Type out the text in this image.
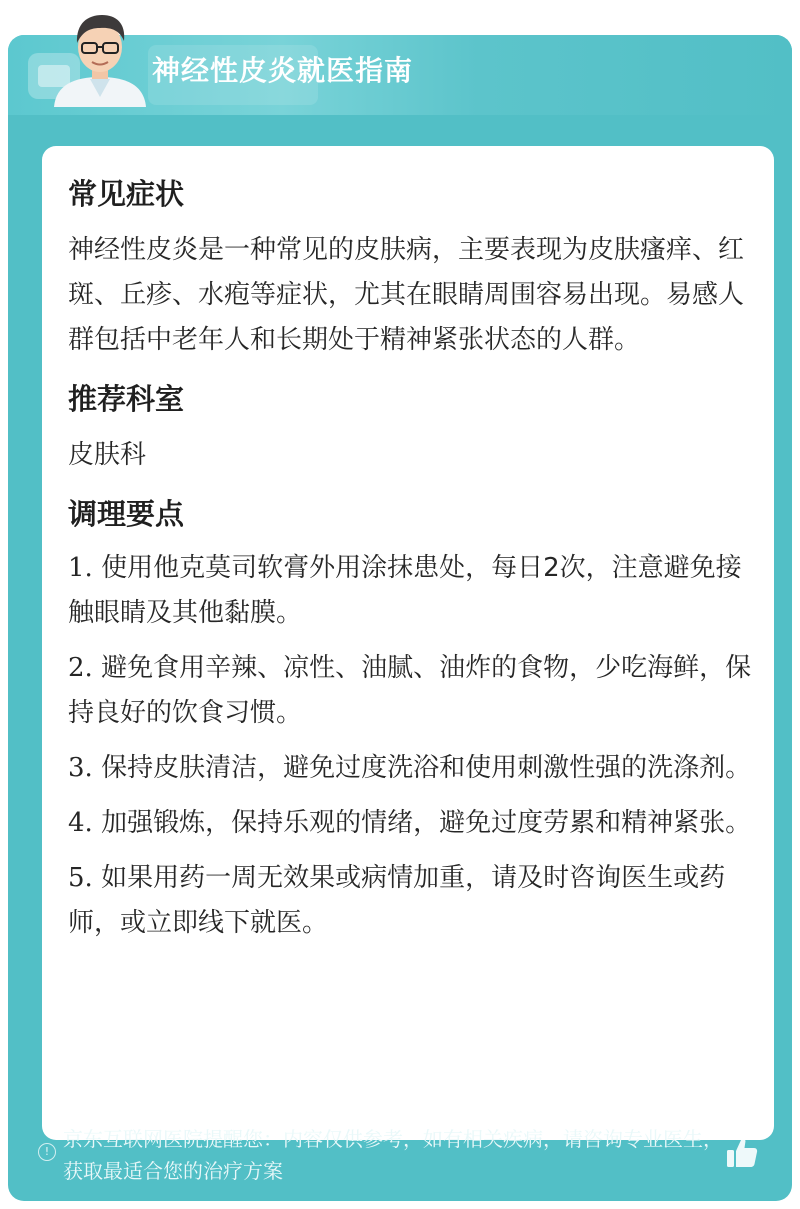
神经性皮炎就医指南
常见症状

神经性皮炎是一种常见的皮肤病，主要表现为皮肤瘙痒、红斑、丘疹、水疱等症状，尤其在眼睛周围容易出现。易感人群包括中老年人和长期处于精神紧张状态的人群。

推荐科室

皮肤科

调理要点
1. 使用他克莫司软膏外用涂抹患处，每日2次，注意避免接触眼睛及其他黏膜。
2. 避免食用辛辣、凉性、油腻、油炸的食物，少吃海鲜，保持良好的饮食习惯。
3. 保持皮肤清洁，避免过度洗浴和使用刺激性强的洗涤剂。
4. 加强锻炼，保持乐观的情绪，避免过度劳累和精神紧张。
5. 如果用药一周无效果或病情加重，请及时咨询医生或药师，或立即线下就医。
!
京东互联网医院提醒您：内容仅供参考，如有相关疾病，请咨询专业医生，获取最适合您的治疗方案
